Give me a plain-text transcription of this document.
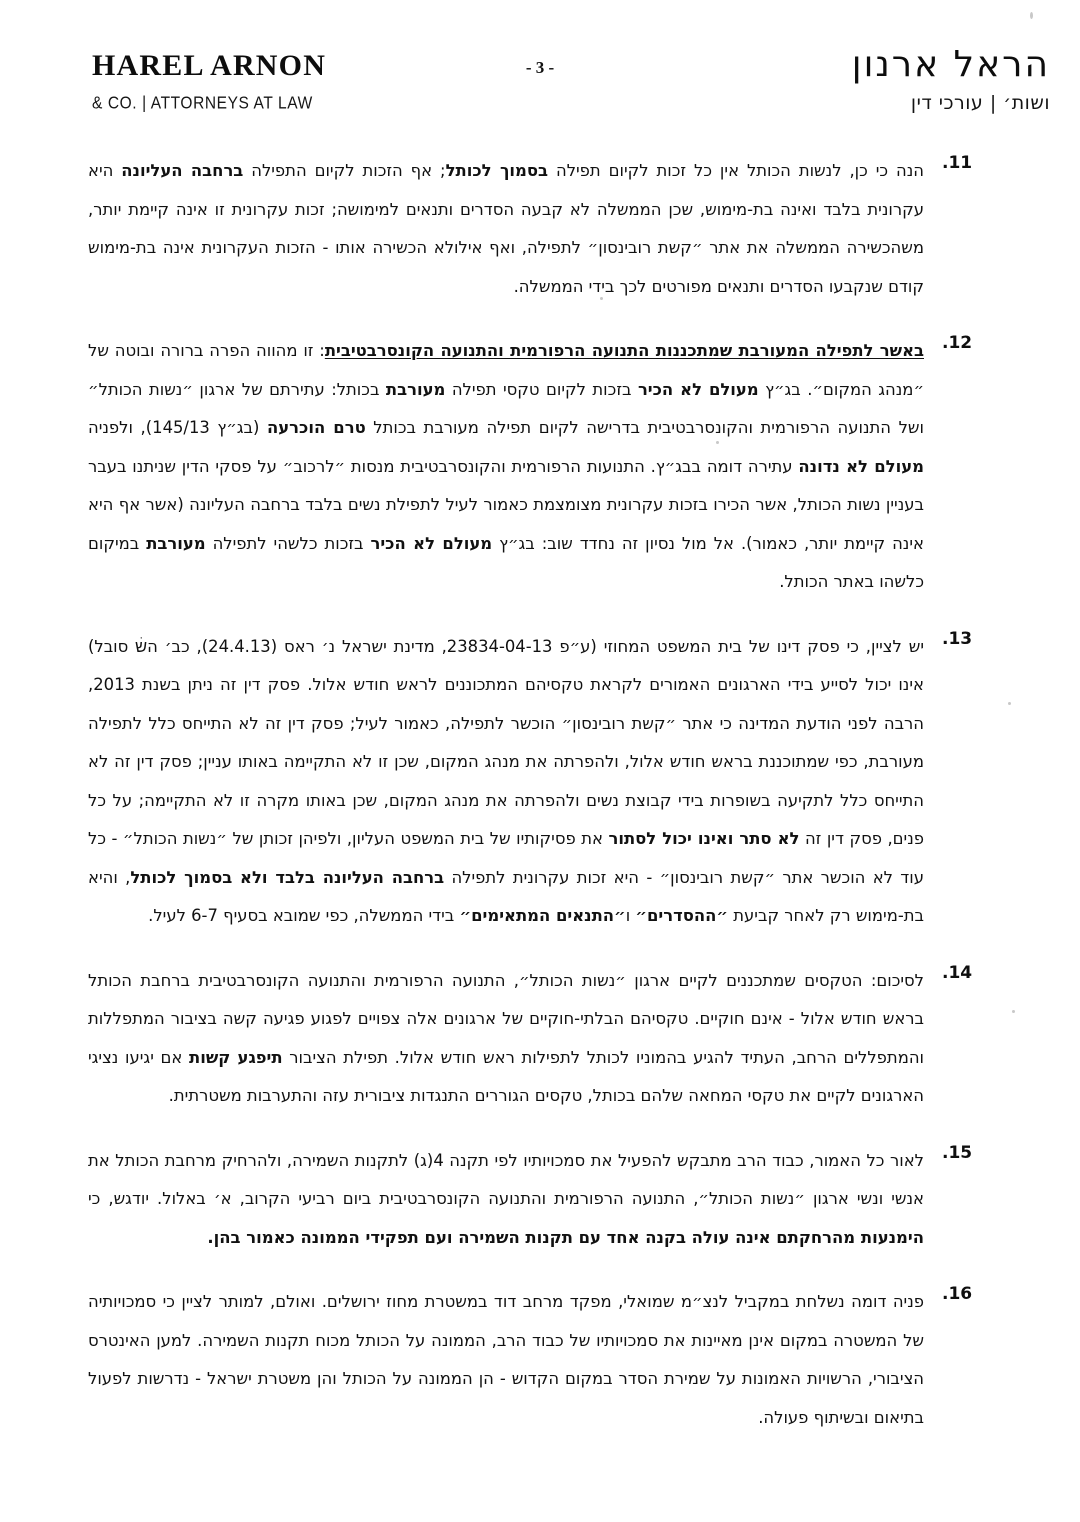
HAREL ARNON
& CO. | ATTORNEYS AT LAW
- 3 -	הראל ארנון
ושות׳ | עורכי דין
.11
הנה כי כן, לנשות הכותל אין כל זכות לקיום תפילה בסמוך לכותל; אף הזכות לקיום התפילה ברחבה העליונה היא עקרונית בלבד ואינה בת-מימוש, שכן הממשלה לא קבעה הסדרים ותנאים למימושה; זכות עקרונית זו אינה קיימת יותר, משהכשירה הממשלה את אתר ״קשת רובינסון״ לתפילה, ואף אילולא הכשירה אותו - הזכות העקרונית אינה בת-מימוש קודם שנקבעו הסדרים ותנאים מפורטים לכך בידי הממשלה.
.12
באשר לתפילה המעורבת שמתכננות התנועה הרפורמית והתנועה הקונסרבטיבית: זו מהווה הפרה ברורה ובוטה של ״מנהג המקום״. בג״ץ מעולם לא הכיר בזכות לקיום טקסי תפילה מעורבת בכותל: עתירתם של ארגון ״נשות הכותל״ ושל התנועה הרפורמית והקונסרבטיבית בדרישה לקיום תפילה מעורבת בכותל טרם הוכרעה (בג״ץ 145/13), ולפניה מעולם לא נדונה עתירה דומה בבג״ץ. התנועות הרפורמית והקונסרבטיבית מנסות ״לרכוב״ על פסקי הדין שניתנו בעבר בעניין נשות הכותל, אשר הכירו בזכות עקרונית מצומצמת כאמור לעיל לתפילת נשים בלבד ברחבה העליונה (אשר אף היא אינה קיימת יותר, כאמור). אל מול נסיון זה נחדד שוב: בג״ץ מעולם לא הכיר בזכות כלשהי לתפילה מעורבת במיקום כלשהו באתר הכותל.
.13
יש לציין, כי פסק דינו של בית המשפט המחוזי (ע״פ 23834-04-13, מדינת ישראל נ׳ ראס (24.4.13), כב׳ השׄ סובל) אינו יכול לסייע בידי הארגונים האמורים לקראת טקסיהם המתכוננים לראש חודש אלול. פסק דין זה ניתן בשנת 2013, הרבה לפני הודעת המדינה כי אתר ״קשת רובינסון״ הוכשר לתפילה, כאמור לעיל; פסק דין זה לא התייחס כלל לתפילה מעורבת, כפי שמתוכננת בראש חודש אלול, ולהפרתה את מנהג המקום, שכן זו לא התקיימה באותו עניין; פסק דין זה לא התייחס כלל לתקיעה בשופרות בידי קבוצת נשים ולהפרתה את מנהג המקום, שכן באותו מקרה זו לא התקיימה; על כל פנים, פסק דין זה לא סתר ואינו יכול לסתור את פסיקותיו של בית המשפט העליון, ולפיהן זכותן של ״נשות הכותל״ - כל עוד לא הוכשר אתר ״קשת רובינסון״ - היא זכות עקרונית לתפילה ברחבה העליונה בלבד ולא בסמוך לכותל, והיא בת-מימוש רק לאחר קביעת ״ההסדרים״ ו״התנאים המתאימים״ בידי הממשלה, כפי שמובא בסעיף 6-7 לעיל.
.14
לסיכום: הטקסים שמתכננים לקיים ארגון ״נשות הכותל״, התנועה הרפורמית והתנועה הקונסרבטיבית ברחבת הכותל בראש חודש אלול - אינם חוקיים. טקסיהם הבלתי-חוקיים של ארגונים אלה צפויים לפגוע פגיעה קשה בציבור המתפללות והמתפללים הרחב, העתיד להגיע בהמוניו לכותל לתפילות ראש חודש אלול. תפילת הציבור תיפגע קשות אם יגיעו נציגי הארגונים לקיים את טקסי המחאה שלהם בכותל, טקסים הגוררים התנגדות ציבורית עזה והתערבות משטרתית.
.15
לאור כל האמור, כבוד הרב מתבקש להפעיל את סמכויותיו לפי תקנה 4(ג) לתקנות השמירה, ולהרחיק מרחבת הכותל את אנשי ונשי ארגון ״נשות הכותל״, התנועה הרפורמית והתנועה הקונסרבטיבית ביום רביעי הקרוב, א׳ באלול. יודגש, כי הימנעות מהרחקתם אינה עולה בקנה אחד עם תקנות השמירה ועם תפקידי הממונה כאמור בהן.
.16
פניה דומה נשלחת במקביל לנצ״מ שמואלי, מפקד מרחב דוד במשטרת מחוז ירושלים. ואולם, למותר לציין כי סמכויותיה של המשטרה במקום אינן מאיינות את סמכויותיו של כבוד הרב, הממונה על הכותל מכוח תקנות השמירה. למען האינטרס הציבורי, הרשויות האמונות על שמירת הסדר במקום הקדוש - הן הממונה על הכותל והן משטרת ישראל - נדרשות לפעול בתיאום ובשיתוף פעולה.
